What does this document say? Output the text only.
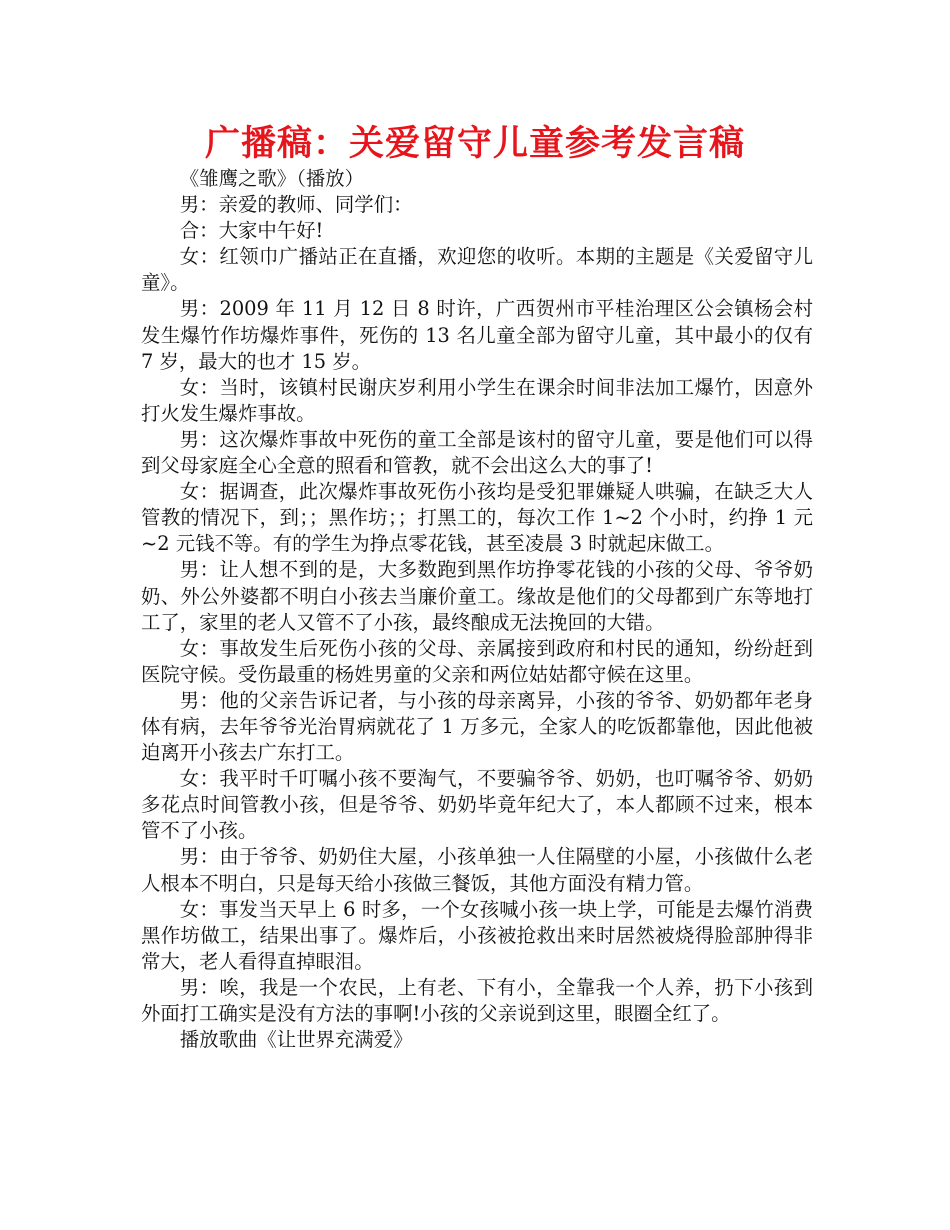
广播稿：关爱留守儿童参考发言稿

《雏鹰之歌》（播放）

男：亲爱的教师、同学们：

合：大家中午好!

女：红领巾广播站正在直播，欢迎您的收听。本期的主题是《关爱留守儿童》。

男：2009 年 11 月 12 日 8 时许，广西贺州市平桂治理区公会镇杨会村发生爆竹作坊爆炸事件，死伤的 13 名儿童全部为留守儿童，其中最小的仅有 7 岁，最大的也才 15 岁。

女：当时，该镇村民谢庆岁利用小学生在课余时间非法加工爆竹，因意外打火发生爆炸事故。

男：这次爆炸事故中死伤的童工全部是该村的留守儿童，要是他们可以得到父母家庭全心全意的照看和管教，就不会出这么大的事了!

女：据调查，此次爆炸事故死伤小孩均是受犯罪嫌疑人哄骗，在缺乏大人管教的情况下，到；；黑作坊；；打黑工的，每次工作 1~2 个小时，约挣 1 元~2 元钱不等。有的学生为挣点零花钱，甚至凌晨 3 时就起床做工。

男：让人想不到的是，大多数跑到黑作坊挣零花钱的小孩的父母、爷爷奶奶、外公外婆都不明白小孩去当廉价童工。缘故是他们的父母都到广东等地打工了，家里的老人又管不了小孩，最终酿成无法挽回的大错。

女：事故发生后死伤小孩的父母、亲属接到政府和村民的通知，纷纷赶到医院守候。受伤最重的杨姓男童的父亲和两位姑姑都守候在这里。

男：他的父亲告诉记者，与小孩的母亲离异，小孩的爷爷、奶奶都年老身体有病，去年爷爷光治胃病就花了 1 万多元，全家人的吃饭都靠他，因此他被迫离开小孩去广东打工。

女：我平时千叮嘱小孩不要淘气，不要骗爷爷、奶奶，也叮嘱爷爷、奶奶多花点时间管教小孩，但是爷爷、奶奶毕竟年纪大了，本人都顾不过来，根本管不了小孩。

男：由于爷爷、奶奶住大屋，小孩单独一人住隔壁的小屋，小孩做什么老人根本不明白，只是每天给小孩做三餐饭，其他方面没有精力管。

女：事发当天早上 6 时多，一个女孩喊小孩一块上学，可能是去爆竹消费黑作坊做工，结果出事了。爆炸后，小孩被抢救出来时居然被烧得脸部肿得非常大，老人看得直掉眼泪。

男：唉，我是一个农民，上有老、下有小，全靠我一个人养，扔下小孩到外面打工确实是没有方法的事啊!小孩的父亲说到这里，眼圈全红了。

播放歌曲《让世界充满爱》
